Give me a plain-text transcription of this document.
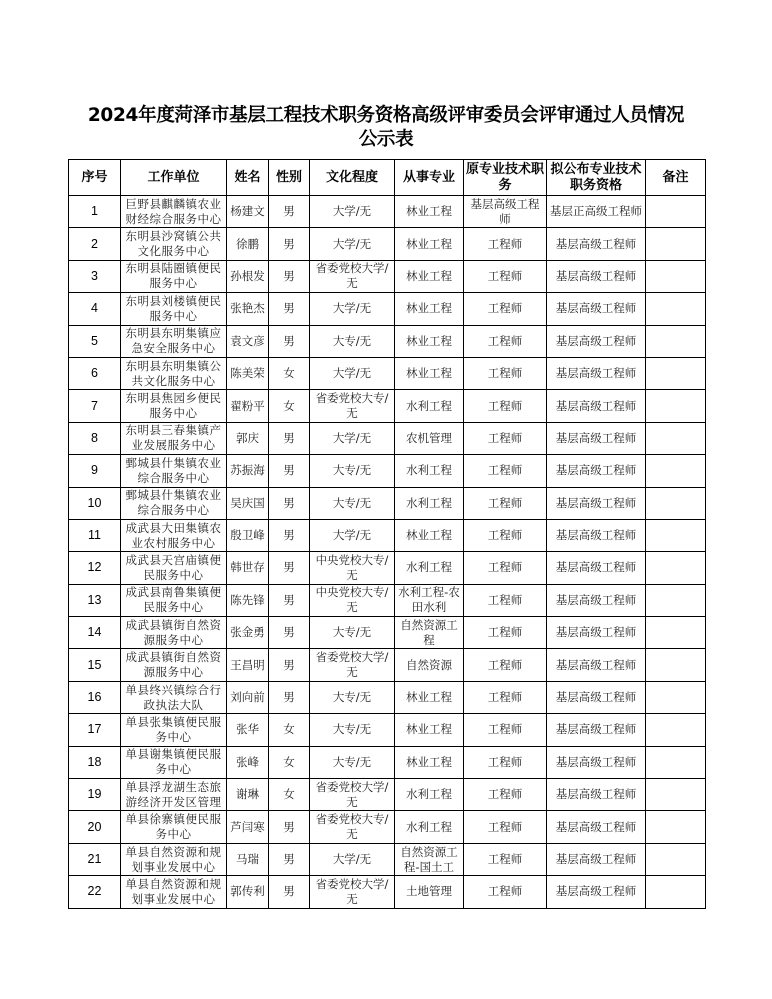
2024年度菏泽市基层工程技术职务资格高级评审委员会评审通过人员情况
公示表
序号	工作单位	姓名	性别	文化程度	从事专业	原专业技术职务	拟公布专业技术职务资格	备注
1	巨野县麒麟镇农业财经综合服务中心	杨建文	男	大学/无	林业工程	基层高级工程师	基层正高级工程师	
2	东明县沙窝镇公共文化服务中心	徐鹏	男	大学/无	林业工程	工程师	基层高级工程师	
3	东明县陆圈镇便民服务中心	孙根发	男	省委党校大学/无	林业工程	工程师	基层高级工程师	
4	东明县刘楼镇便民服务中心	张艳杰	男	大学/无	林业工程	工程师	基层高级工程师	
5	东明县东明集镇应急安全服务中心	袁文彦	男	大专/无	林业工程	工程师	基层高级工程师	
6	东明县东明集镇公共文化服务中心	陈美荣	女	大学/无	林业工程	工程师	基层高级工程师	
7	东明县焦园乡便民服务中心	翟粉平	女	省委党校大专/无	水利工程	工程师	基层高级工程师	
8	东明县三春集镇产业发展服务中心	郭庆	男	大学/无	农机管理	工程师	基层高级工程师	
9	鄄城县什集镇农业综合服务中心	苏振海	男	大专/无	水利工程	工程师	基层高级工程师	
10	鄄城县什集镇农业综合服务中心	吴庆国	男	大专/无	水利工程	工程师	基层高级工程师	
11	成武县大田集镇农业农村服务中心	殷卫峰	男	大学/无	林业工程	工程师	基层高级工程师	
12	成武县天宫庙镇便民服务中心	韩世存	男	中央党校大专/无	水利工程	工程师	基层高级工程师	
13	成武县南鲁集镇便民服务中心	陈先锋	男	中央党校大专/无	水利工程-农田水利	工程师	基层高级工程师	
14	成武县镇街自然资源服务中心	张金勇	男	大专/无	自然资源工程	工程师	基层高级工程师	
15	成武县镇街自然资源服务中心	王昌明	男	省委党校大学/无	自然资源	工程师	基层高级工程师	
16	单县终兴镇综合行政执法大队	刘向前	男	大专/无	林业工程	工程师	基层高级工程师	
17	单县张集镇便民服务中心	张华	女	大专/无	林业工程	工程师	基层高级工程师	
18	单县谢集镇便民服务中心	张峰	女	大专/无	林业工程	工程师	基层高级工程师	
19	单县浮龙湖生态旅游经济开发区管理	谢琳	女	省委党校大学/无	水利工程	工程师	基层高级工程师	
20	单县徐寨镇便民服务中心	芦闫寒	男	省委党校大专/无	水利工程	工程师	基层高级工程师	
21	单县自然资源和规划事业发展中心	马瑞	男	大学/无	自然资源工程-国土工	工程师	基层高级工程师	
22	单县自然资源和规划事业发展中心	郭传利	男	省委党校大学/无	土地管理	工程师	基层高级工程师	
